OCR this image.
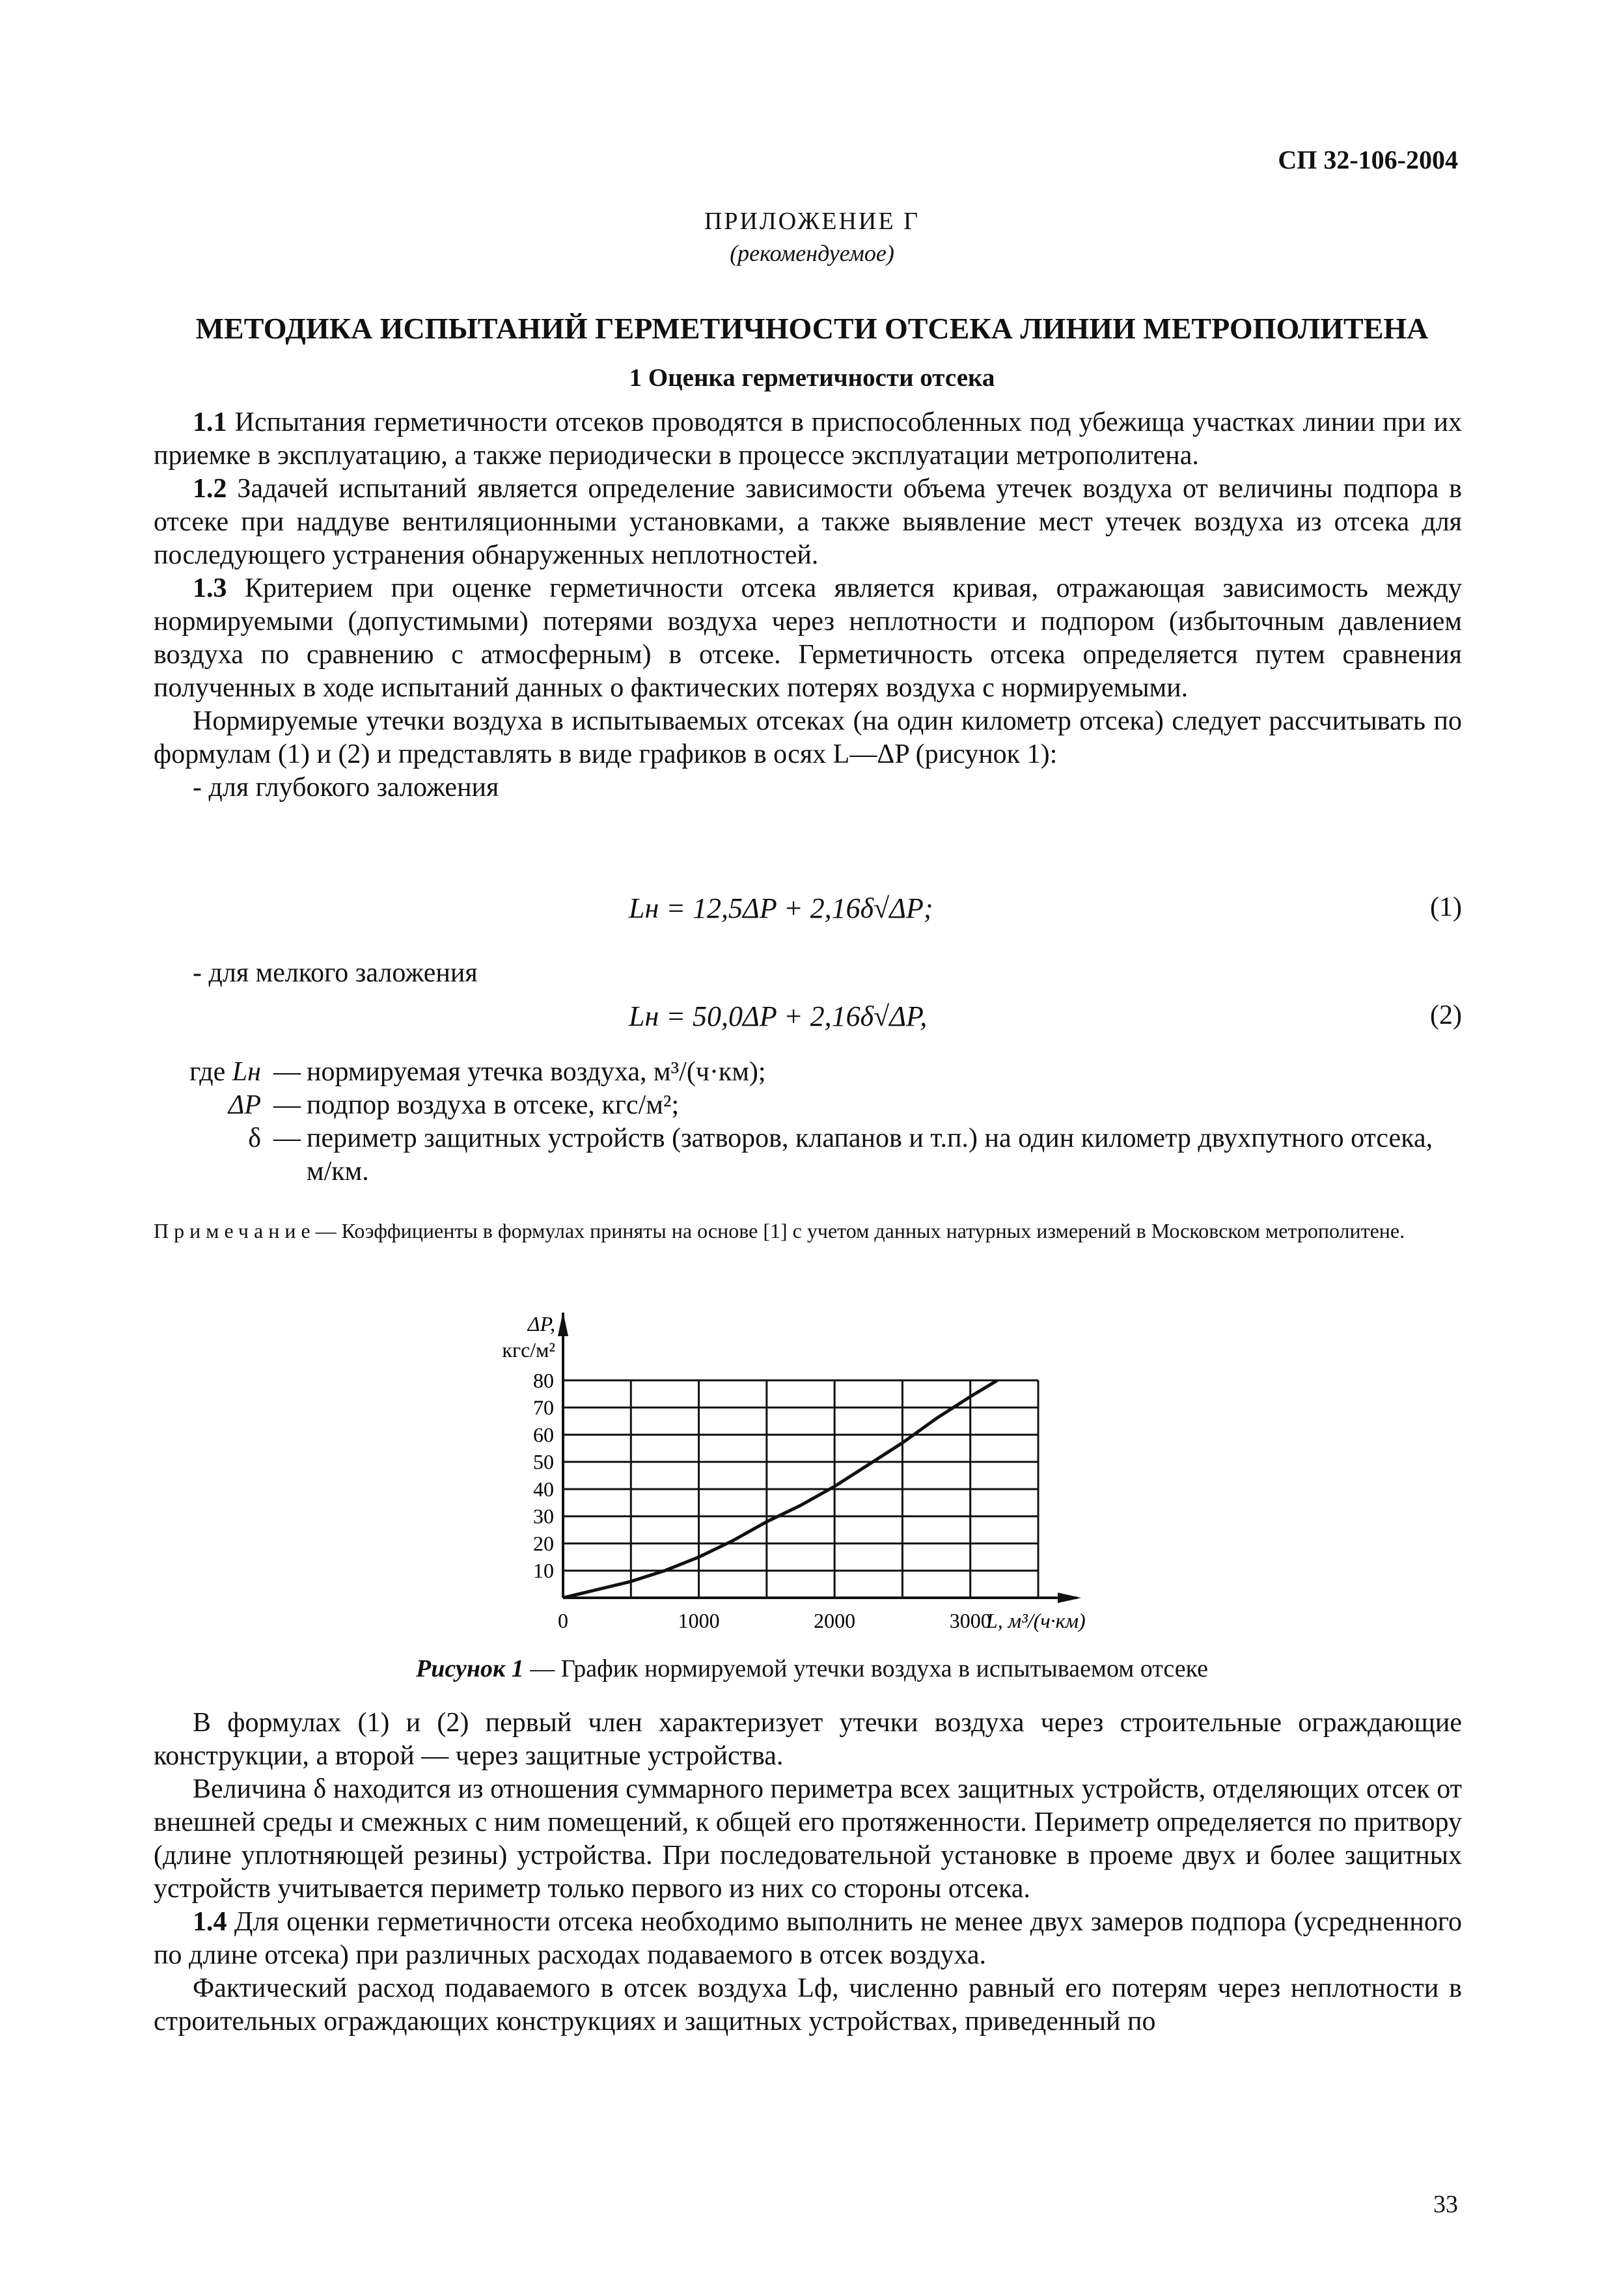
СП 32-106-2004
ПРИЛОЖЕНИЕ Г
(рекомендуемое)
МЕТОДИКА ИСПЫТАНИЙ ГЕРМЕТИЧНОСТИ ОТСЕКА ЛИНИИ МЕТРОПОЛИТЕНА
1 Оценка герметичности отсека

1.1 Испытания герметичности отсеков проводятся в приспособленных под убежища участках линии при их приемке в эксплуатацию, а также периодически в процессе эксплуатации метрополитена.

1.2 Задачей испытаний является определение зависимости объема утечек воздуха от величины подпора в отсеке при наддуве вентиляционными установками, а также выявление мест утечек воздуха из отсека для последующего устранения обнаруженных неплотностей.

1.3 Критерием при оценке герметичности отсека является кривая, отражающая зависимость между нормируемыми (допустимыми) потерями воздуха через неплотности и подпором (избыточным давлением воздуха по сравнению с атмосферным) в отсеке. Герметичность отсека определяется путем сравнения полученных в ходе испытаний данных о фактических потерях воздуха с нормируемыми.

Нормируемые утечки воздуха в испытываемых отсеках (на один километр отсека) следует рассчитывать по формулам (1) и (2) и представлять в виде графиков в осях L—ΔP (рисунок 1):

- для глубокого заложения

Lн = 12,5ΔP + 2,16δ√ΔP;	(1)

- для мелкого заложения

Lн = 50,0ΔP + 2,16δ√ΔP,	(2)
где Lн — нормируемая утечка воздуха, м³/(ч·км);
ΔP — подпор воздуха в отсеке, кгс/м²;
δ — периметр защитных устройств (затворов, клапанов и т.п.) на один километр двухпутного отсека, м/км.
Примечание— Коэффициенты в формулах приняты на основе [1] с учетом данных натурных измерений в Московском метрополитене.
10
20
30
40
50
60
70
80
0	1000	2000	3000
ΔP,
кгс/м²
L, м³/(ч·км)
Рисунок 1 — График нормируемой утечки воздуха в испытываемом отсеке

В формулах (1) и (2) первый член характеризует утечки воздуха через строительные ограждающие конструкции, а второй — через защитные устройства.

Величина δ находится из отношения суммарного периметра всех защитных устройств, отделяющих отсек от внешней среды и смежных с ним помещений, к общей его протяженности. Периметр определяется по притвору (длине уплотняющей резины) устройства. При последовательной установке в проеме двух и более защитных устройств учитывается периметр только первого из них со стороны отсека.

1.4 Для оценки герметичности отсека необходимо выполнить не менее двух замеров подпора (усредненного по длине отсека) при различных расходах подаваемого в отсек воздуха.

Фактический расход подаваемого в отсек воздуха Lф, численно равный его потерям через неплотности в строительных ограждающих конструкциях и защитных устройствах, приведенный по

33
